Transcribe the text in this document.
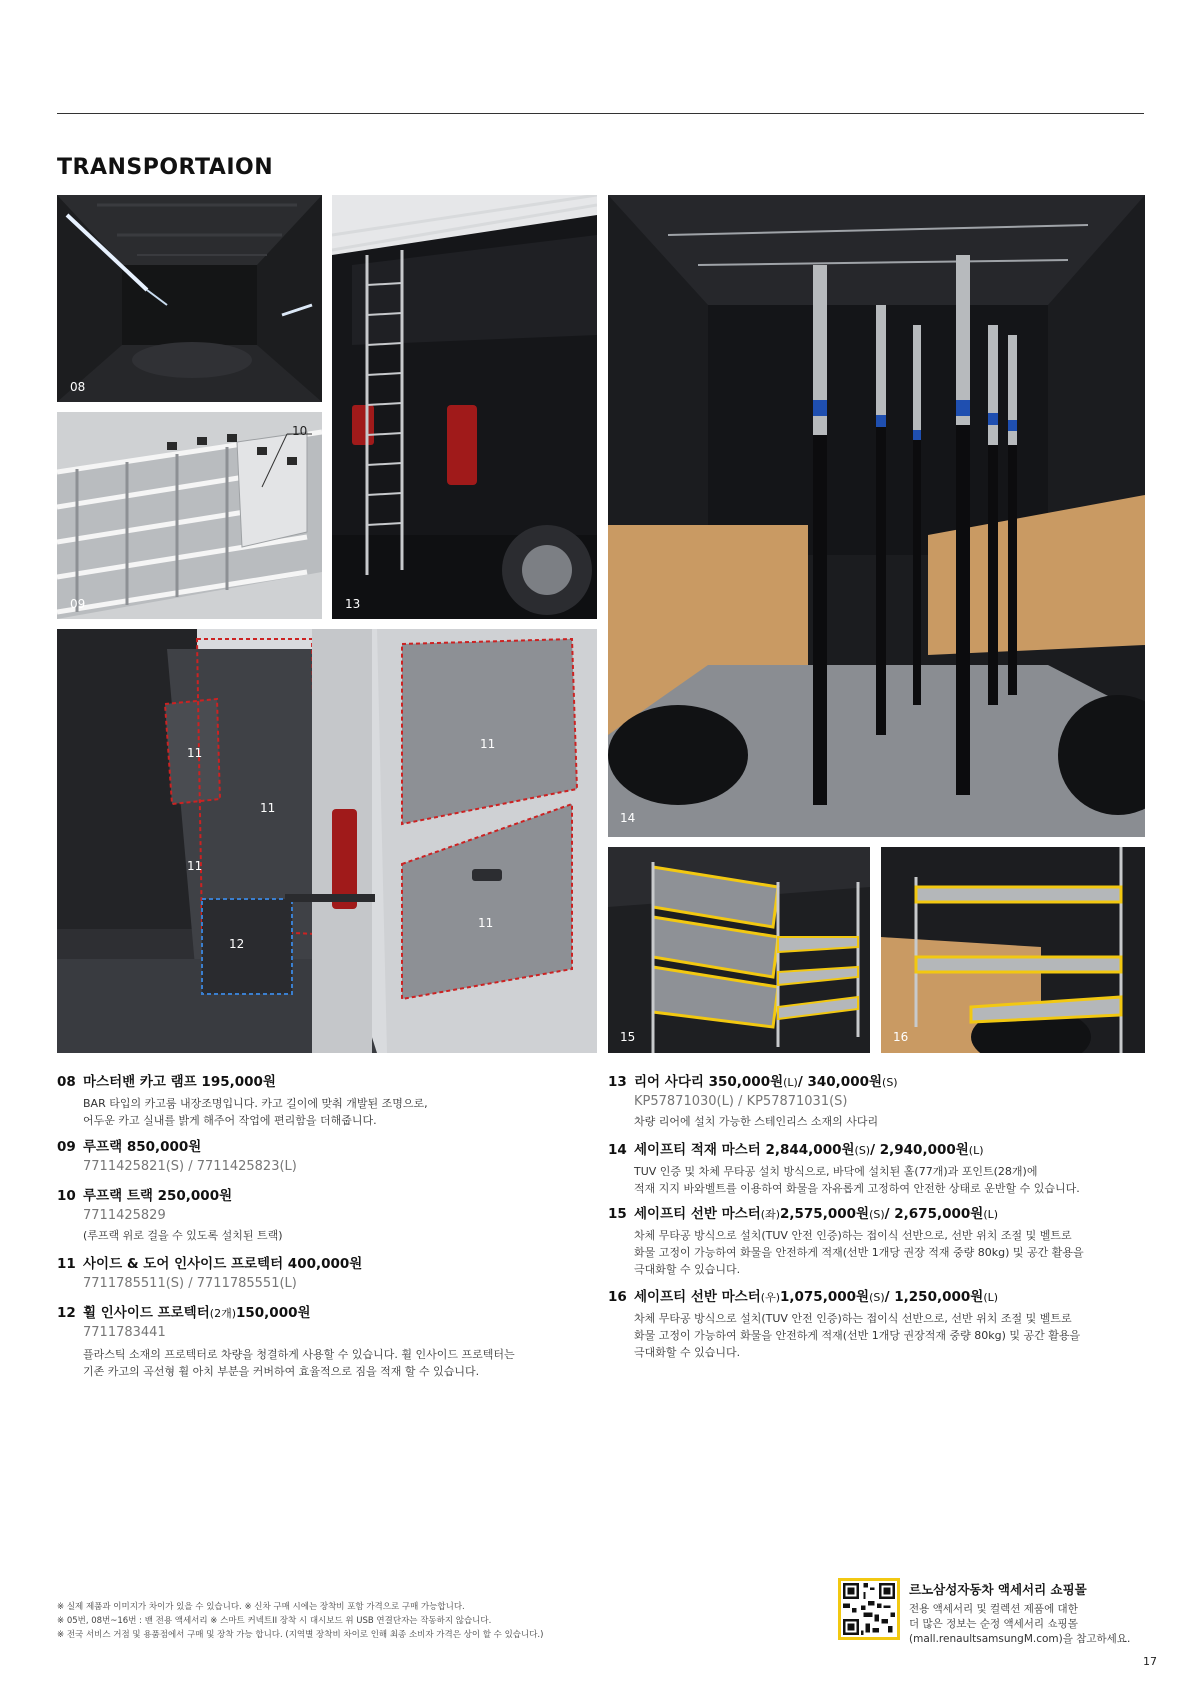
TRANSPORTAION
08
10
09	13
11
11
11
11
11
12
14
15	16
08 마스터밴 카고 램프 195,000원
BAR 타입의 카고룸 내장조명입니다. 카고 길이에 맞춰 개발된 조명으로,
어두운 카고 실내를 밝게 해주어 작업에 편리함을 더해줍니다.
09 루프랙 850,000원
7711425821(S) / 7711425823(L)
10 루프랙 트랙 250,000원
7711425829
(루프랙 위로 걸을 수 있도록 설치된 트랙)
11 사이드 & 도어 인사이드 프로텍터 400,000원
7711785511(S) / 7711785551(L)
12 휠 인사이드 프로텍터 (2개) 150,000원
7711783441
플라스틱 소재의 프로텍터로 차량을 청결하게 사용할 수 있습니다. 휠 인사이드 프로텍터는
기존 카고의 곡선형 휠 아치 부분을 커버하여 효율적으로 짐을 적재 할 수 있습니다.
13 리어 사다리 350,000원 (L) / 340,000원 (S)
KP57871030(L) / KP57871031(S)
차량 리어에 설치 가능한 스테인리스 소재의 사다리
14 세이프티 적재 마스터 2,844,000원 (S) / 2,940,000원 (L)
TUV 인증 및 차체 무타공 설치 방식으로, 바닥에 설치된 홀(77개)과 포인트(28개)에
적재 지지 바와벨트를 이용하여 화물을 자유롭게 고정하여 안전한 상태로 운반할 수 있습니다.
15 세이프티 선반 마스터 (좌) 2,575,000원 (S) / 2,675,000원 (L)
차체 무타공 방식으로 설치(TUV 안전 인증)하는 접이식 선반으로, 선반 위치 조절 및 벨트로
화물 고정이 가능하여 화물을 안전하게 적재(선반 1개당 권장 적재 중량 80kg) 및 공간 활용을
극대화할 수 있습니다.
16 세이프티 선반 마스터 (우) 1,075,000원 (S) / 1,250,000원 (L)
차체 무타공 방식으로 설치(TUV 안전 인증)하는 접이식 선반으로, 선반 위치 조절 및 벨트로
화물 고정이 가능하여 화물을 안전하게 적재(선반 1개당 권장적재 중량 80kg) 및 공간 활용을
극대화할 수 있습니다.
※ 실제 제품과 이미지가 차이가 있을 수 있습니다. ※ 신차 구매 시에는 장착비 포함 가격으로 구매 가능합니다.
※ 05번, 08번~16번 : 밴 전용 액세서리 ※ 스마트 커넥트II 장착 시 대시보드 위 USB 연결단자는 작동하지 않습니다.
※ 전국 서비스 거점 및 용품점에서 구매 및 장착 가능 합니다. (지역별 장착비 차이로 인해 최종 소비자 가격은 상이 할 수 있습니다.)
르노삼성자동차 액세서리 쇼핑몰
전용 액세서리 및 컬렉션 제품에 대한
더 많은 정보는 순정 액세서리 쇼핑몰
(mall.renaultsamsungM.com)을 참고하세요.
17
